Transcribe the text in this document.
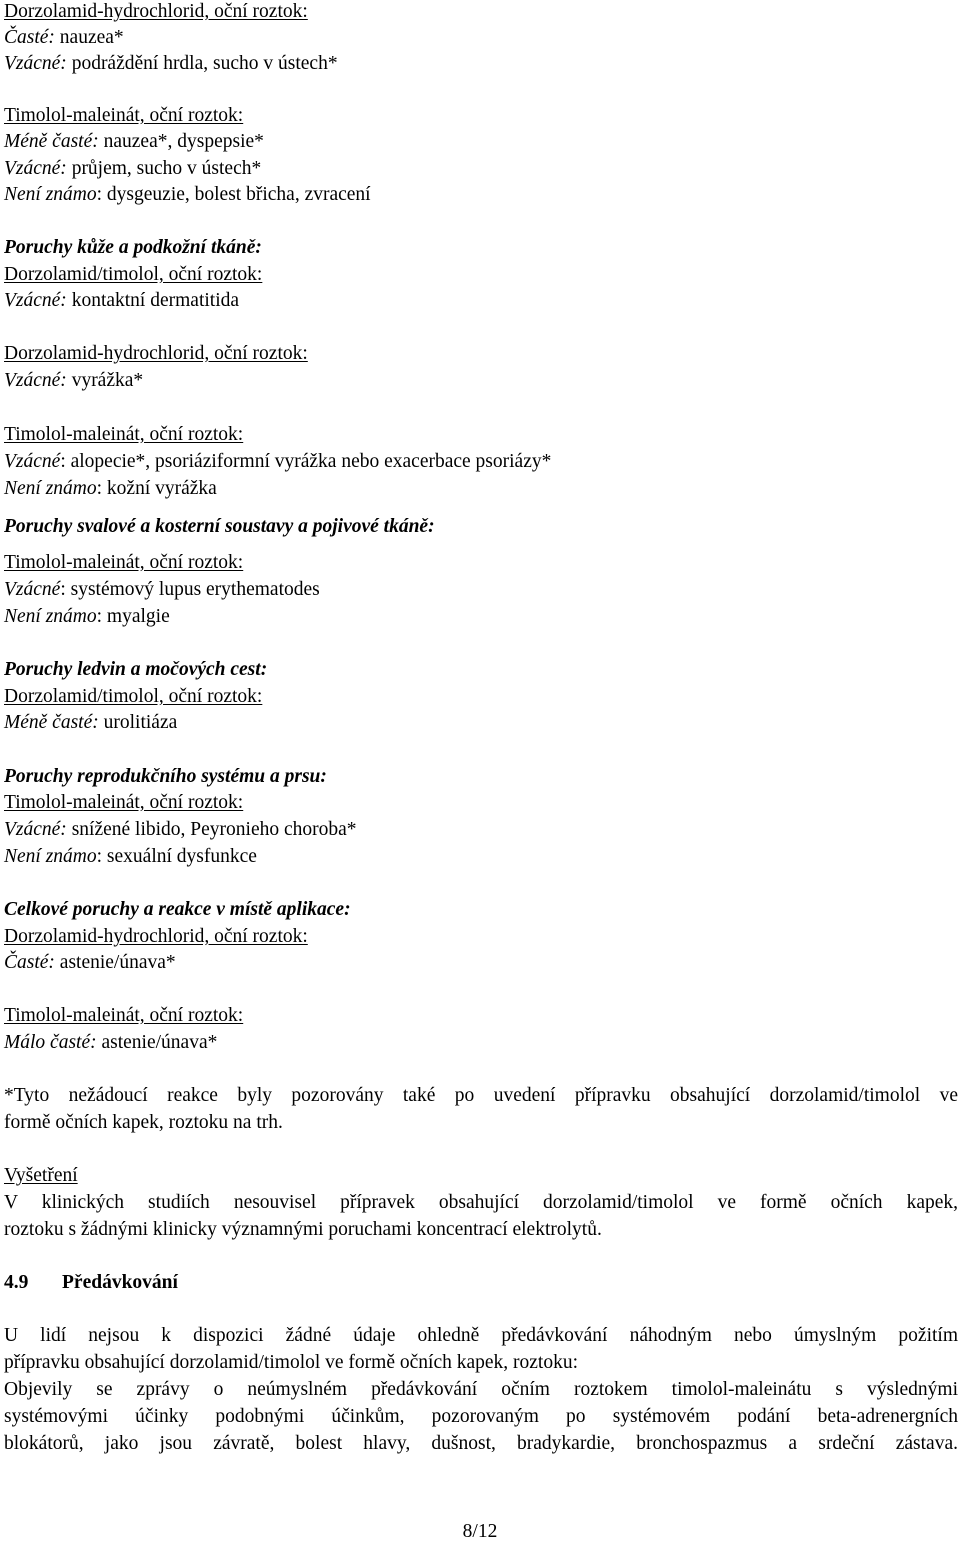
Dorzolamid-hydrochlorid, oční roztok:
Časté: nauzea*
Vzácné: podráždění hrdla, sucho v ústech*
Timolol-maleinát, oční roztok:
Méně časté: nauzea*, dyspepsie*
Vzácné: průjem, sucho v ústech*
Není známo: dysgeuzie, bolest břicha, zvracení
Poruchy kůže a podkožní tkáně:
Dorzolamid/timolol, oční roztok:
Vzácné: kontaktní dermatitida
Dorzolamid-hydrochlorid, oční roztok:
Vzácné: vyrážka*
Timolol-maleinát, oční roztok:
Vzácné: alopecie*, psoriáziformní vyrážka nebo exacerbace psoriázy*
Není známo: kožní vyrážka
Poruchy svalové a kosterní soustavy a pojivové tkáně:
Timolol-maleinát, oční roztok:
Vzácné: systémový lupus erythematodes
Není známo: myalgie
Poruchy ledvin a močových cest:
Dorzolamid/timolol, oční roztok:
Méně časté: urolitiáza
Poruchy reprodukčního systému a prsu:
Timolol-maleinát, oční roztok:
Vzácné: snížené libido, Peyronieho choroba*
Není známo: sexuální dysfunkce
Celkové poruchy a reakce v místě aplikace:
Dorzolamid-hydrochlorid, oční roztok:
Časté: astenie/únava*
Timolol-maleinát, oční roztok:
Málo časté: astenie/únava*
*Tyto nežádoucí reakce byly pozorovány také po uvedení přípravku obsahující dorzolamid/timolol ve
formě očních kapek, roztoku na trh.
Vyšetření
V klinických studiích nesouvisel přípravek obsahující dorzolamid/timolol ve formě očních kapek,
roztoku s žádnými klinicky významnými poruchami koncentrací elektrolytů.
4.9 Předávkování
U lidí nejsou k dispozici žádné údaje ohledně předávkování náhodným nebo úmyslným požitím
přípravku obsahující dorzolamid/timolol ve formě očních kapek, roztoku:
Objevily se zprávy o neúmyslném předávkování očním roztokem timolol-maleinátu s výslednými
systémovými účinky podobnými účinkům, pozorovaným po systémovém podání beta-adrenergních
blokátorů, jako jsou závratě, bolest hlavy, dušnost, bradykardie, bronchospazmus a srdeční zástava.
8/12
